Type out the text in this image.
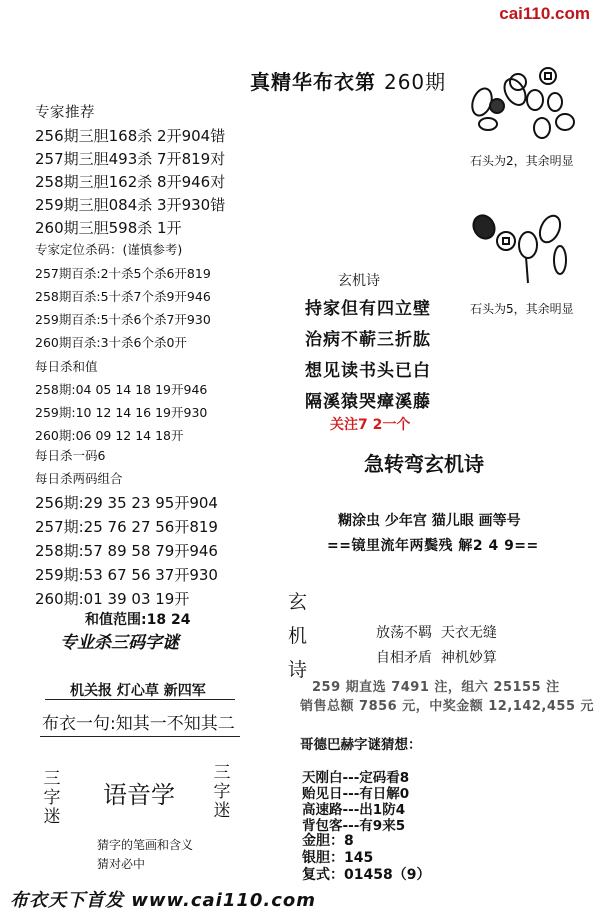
cai110.com
真精华布衣第 260期
专家推荐
256期三胆168杀 2开904错
257期三胆493杀 7开819对
258期三胆162杀 8开946对
259期三胆084杀 3开930错
260期三胆598杀 1开
专家定位杀码：(谨慎参考)
257期百杀:2十杀5个杀6开819
258期百杀:5十杀7个杀9开946
259期百杀:5十杀6个杀7开930
260期百杀:3十杀6个杀0开
每日杀和值
258期:04 05 14 18 19开946
259期:10 12 14 16 19开930
260期:06 09 12 14 18开
每日杀一码6
每日杀两码组合
256期:29 35 23 95开904
257期:25 76 27 56开819
258期:57 89 58 79开946
259期:53 67 56 37开930
260期:01 39 03 19开
和值范围:18 24
专业杀三码字谜
机关报 灯心草 新四军
布衣一句:知其一不知其二
三字迷
语音学
三字迷
猜字的笔画和含义
猜对必中
布衣天下首发 www.cai110.com
石头为2，其余明显
石头为5，其余明显
玄机诗
持家但有四立壁
治病不蕲三折肱
想见读书头已白
隔溪猿哭瘴溪藤
关注7 2一个
急转弯玄机诗
糊涂虫 少年宫 猫儿眼 画等号
==镜里流年两鬓残 解2 4 9==
玄
机
诗
放荡不羁  天衣无缝
自相矛盾  神机妙算
259 期直选 7491 注，组六 25155 注
销售总额 7856 元，中奖金额 12,142,455 元
哥德巴赫字谜猜想：
天刚白---定码看8
贻见日---有日解0
高速路---出1防4
背包客---有9来5
金胆：8
银胆：145
复式：01458（9）
